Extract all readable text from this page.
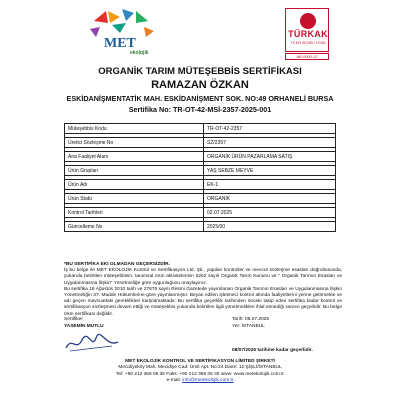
MET
ekolojik
TÜRKAK
TS EN ISO/IEC 17065
AB-0000-12
ORGANİK TARIM MÜTEŞEBBİS SERTİFİKASI
RAMAZAN ÖZKAN
ESKİDANİŞMENTATİK MAH. ESKİDANİŞMENT SOK. NO:49 ORHANELİ BURSA
Sertifika No: TR-OT-42-MSİ-2357-2025-001
Müteşebbis Kodu	TR-OT-42-2357

Üretici Sözleşme No	SZ/2357

Ana Faaliyet Alanı	ORGANİK ÜRÜN PAZARLAMA SATIŞ

Ürün Grupları	YAŞ SEBZE MEYVE

Ürün Adı	EK-1

Ürün Statü	ORGANİK

Kontrol Tarihleri	02.07.2025

Güncelleme No	2025/00

*BU SERTİFİKA EKİ OLMADAN GEÇERSİZDİR.

İş bu belge ile MET EKOLOJİK Kontrol ve Sertifikasyon Ltd. Şti., yapılan kontroller ve mevcut sözleşme esasları doğrultusunda, yukarıda belirtilen müteşebbisin, tanımsal ürün aktivitelerinin 5262 sayılı Organik Tarım Kanunu ve " Organik Tarımın Esasları ve Uygulanmasına İlişkin" Yönetmeliğe göre uygunluğunu onaylayınız.

Bu sertifika 18 Ağustos 2010 tarih ve 27676 sayılı Resmi Gazetede yayımlanan Organik Tarımın Esasları ve Uygulanmasına İlişkin Yönetmeliğin 37. Madde Hükümlerine göre yayınlanmıştır. Beyan edilen işletmeci kontrol altında faaliyetlerini yerine getirmekte ve adı geçen mevzuattaki gereklilikleri karşılamaktadır. Bu sertifika geçerlilik tarihinden önceki takip eden sertifika kadar kontrol ve sertifikasyon sözleşmesi devam ettiği ve müteşebbis yukarıda belirtilen ilgili yönetmelikleri ihlal etmediği sürece geçerlidir. Bu belge ürün sertifikası değildir.

Sertifiker
YASEMİN MUTLU
Tarih: 08.07.2025
Yer: İSTANBUL
08/07/2026 tarihine kadar geçerlidir.
MET EKOLOJİK KONTROL VE SERTİFİKASYON LİMİTED ŞİRKETİ
Mecidiyeköy Mah. Mecidiye Cad. Ümit Apt. No:24 Daire: 12 ŞİŞLİ/İSTANBUL
Tel: +90 212 356 06 36 Faks: +90 212 356 06 35 www: www.metekolojik.com.tr
e-mail: info@metekolojik.com.tr
